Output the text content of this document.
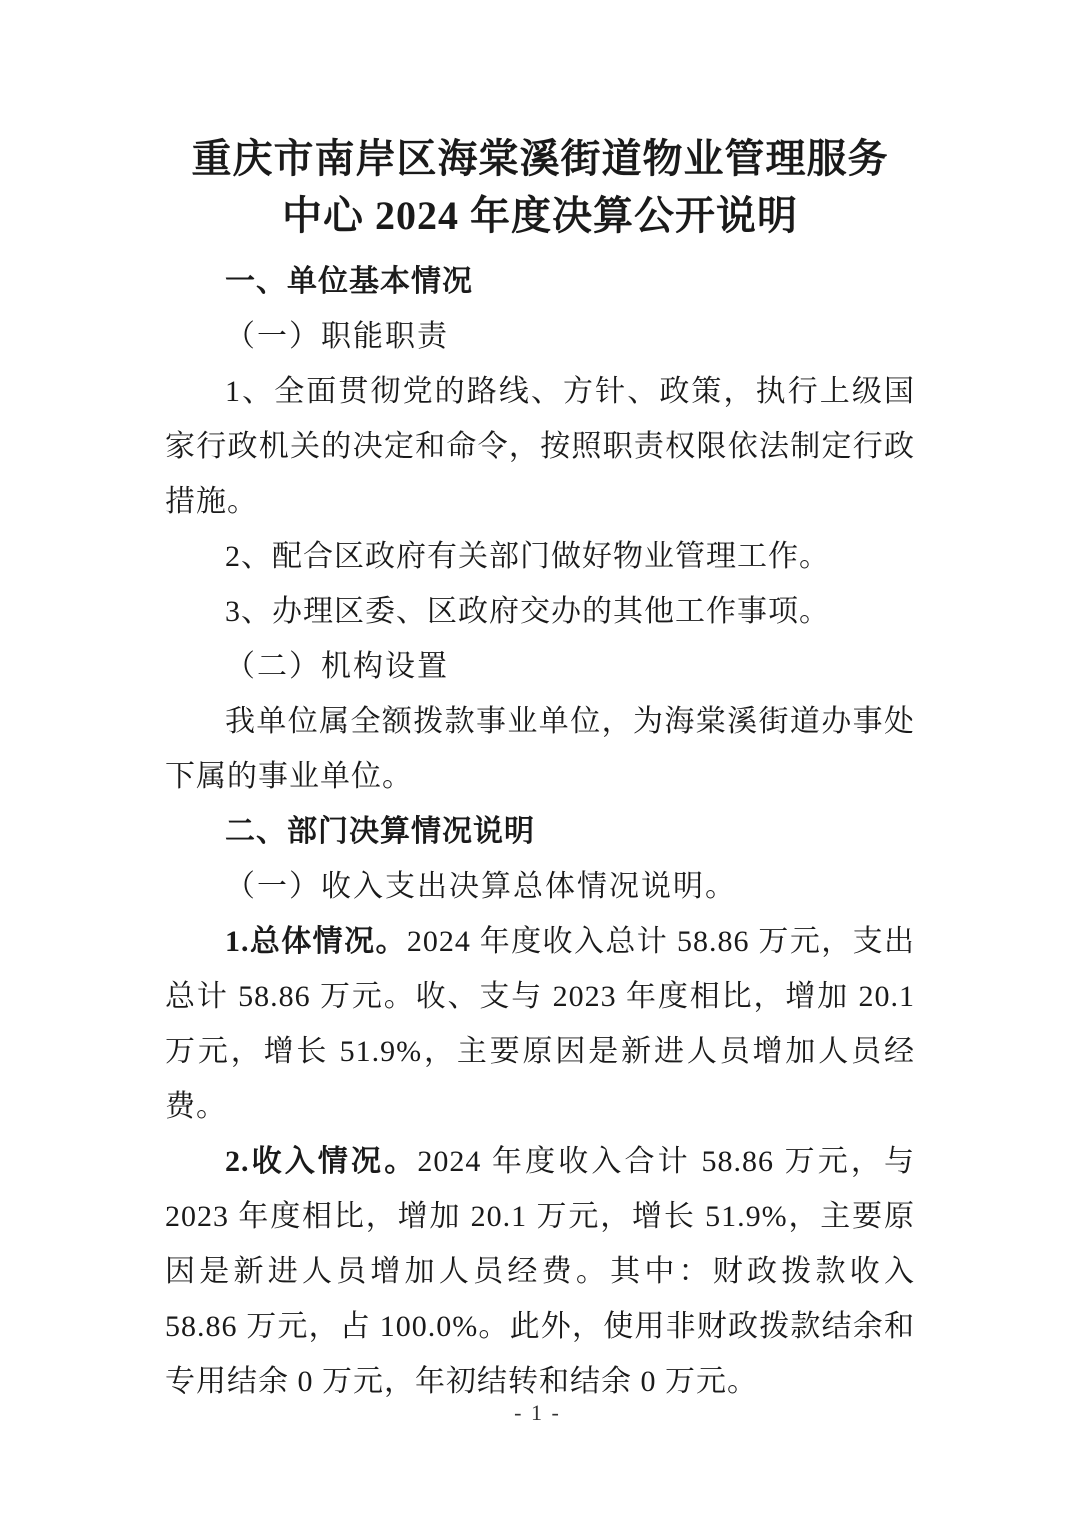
重庆市南岸区海棠溪街道物业管理服务
中心 2024 年度决算公开说明

一、单位基本情况

（一）职能职责

1、全面贯彻党的路线、方针、政策，执行上级国家行政机关的决定和命令，按照职责权限依法制定行政措施。

2、配合区政府有关部门做好物业管理工作。

3、办理区委、区政府交办的其他工作事项。

（二）机构设置

我单位属全额拨款事业单位，为海棠溪街道办事处下属的事业单位。

二、部门决算情况说明

（一）收入支出决算总体情况说明。

1.总体情况。2024 年度收入总计 58.86 万元，支出总计 58.86 万元。收、支与 2023 年度相比，增加 20.1 万元，增长 51.9%，主要原因是新进人员增加人员经费。

2.收入情况。2024 年度收入合计 58.86 万元，与 2023 年度相比，增加 20.1 万元，增长 51.9%，主要原因是新进人员增加人员经费。其中：财政拨款收入 58.86 万元，占 100.0%。此外，使用非财政拨款结余和专用结余 0 万元，年初结转和结余 0 万元。

- 1 -
